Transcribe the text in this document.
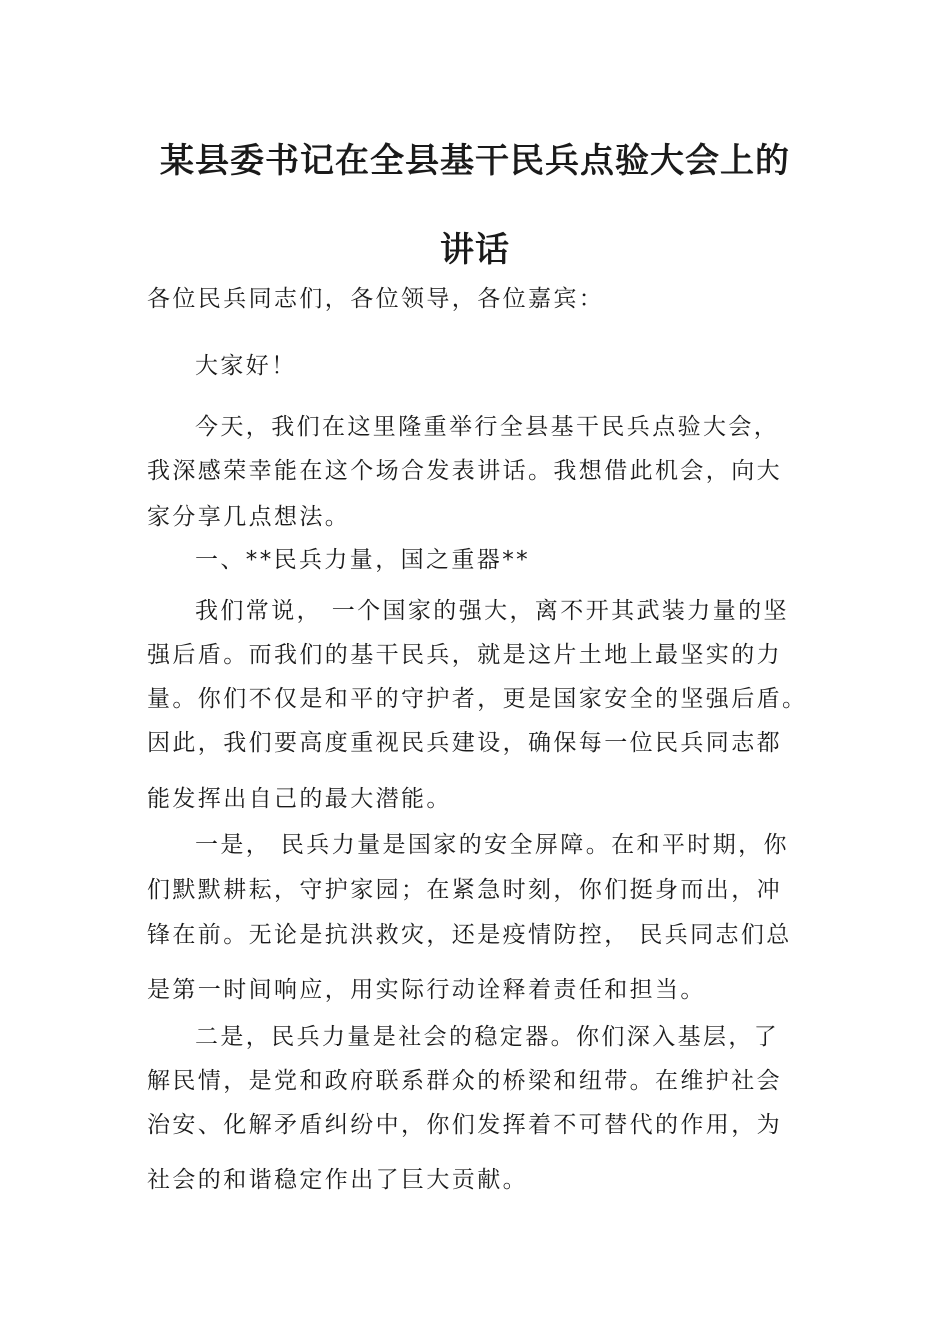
某县委书记在全县基干民兵点验大会上的
讲话
各位民兵同志们，各位领导，各位嘉宾：
大家好！
今天，我们在这里隆重举行全县基干民兵点验大会，
我深感荣幸能在这个场合发表讲话。我想借此机会，向大
家分享几点想法。
一、**民兵力量，国之重器**
我们常说， 一个国家的强大，离不开其武装力量的坚
强后盾。而我们的基干民兵，就是这片土地上最坚实的力
量。你们不仅是和平的守护者，更是国家安全的坚强后盾。
因此，我们要高度重视民兵建设，确保每一位民兵同志都
能发挥出自己的最大潜能。
一是， 民兵力量是国家的安全屏障。在和平时期，你
们默默耕耘，守护家园；在紧急时刻，你们挺身而出，冲
锋在前。无论是抗洪救灾，还是疫情防控， 民兵同志们总
是第一时间响应，用实际行动诠释着责任和担当。
二是，民兵力量是社会的稳定器。你们深入基层，了
解民情，是党和政府联系群众的桥梁和纽带。在维护社会
治安、化解矛盾纠纷中，你们发挥着不可替代的作用，为
社会的和谐稳定作出了巨大贡献。
